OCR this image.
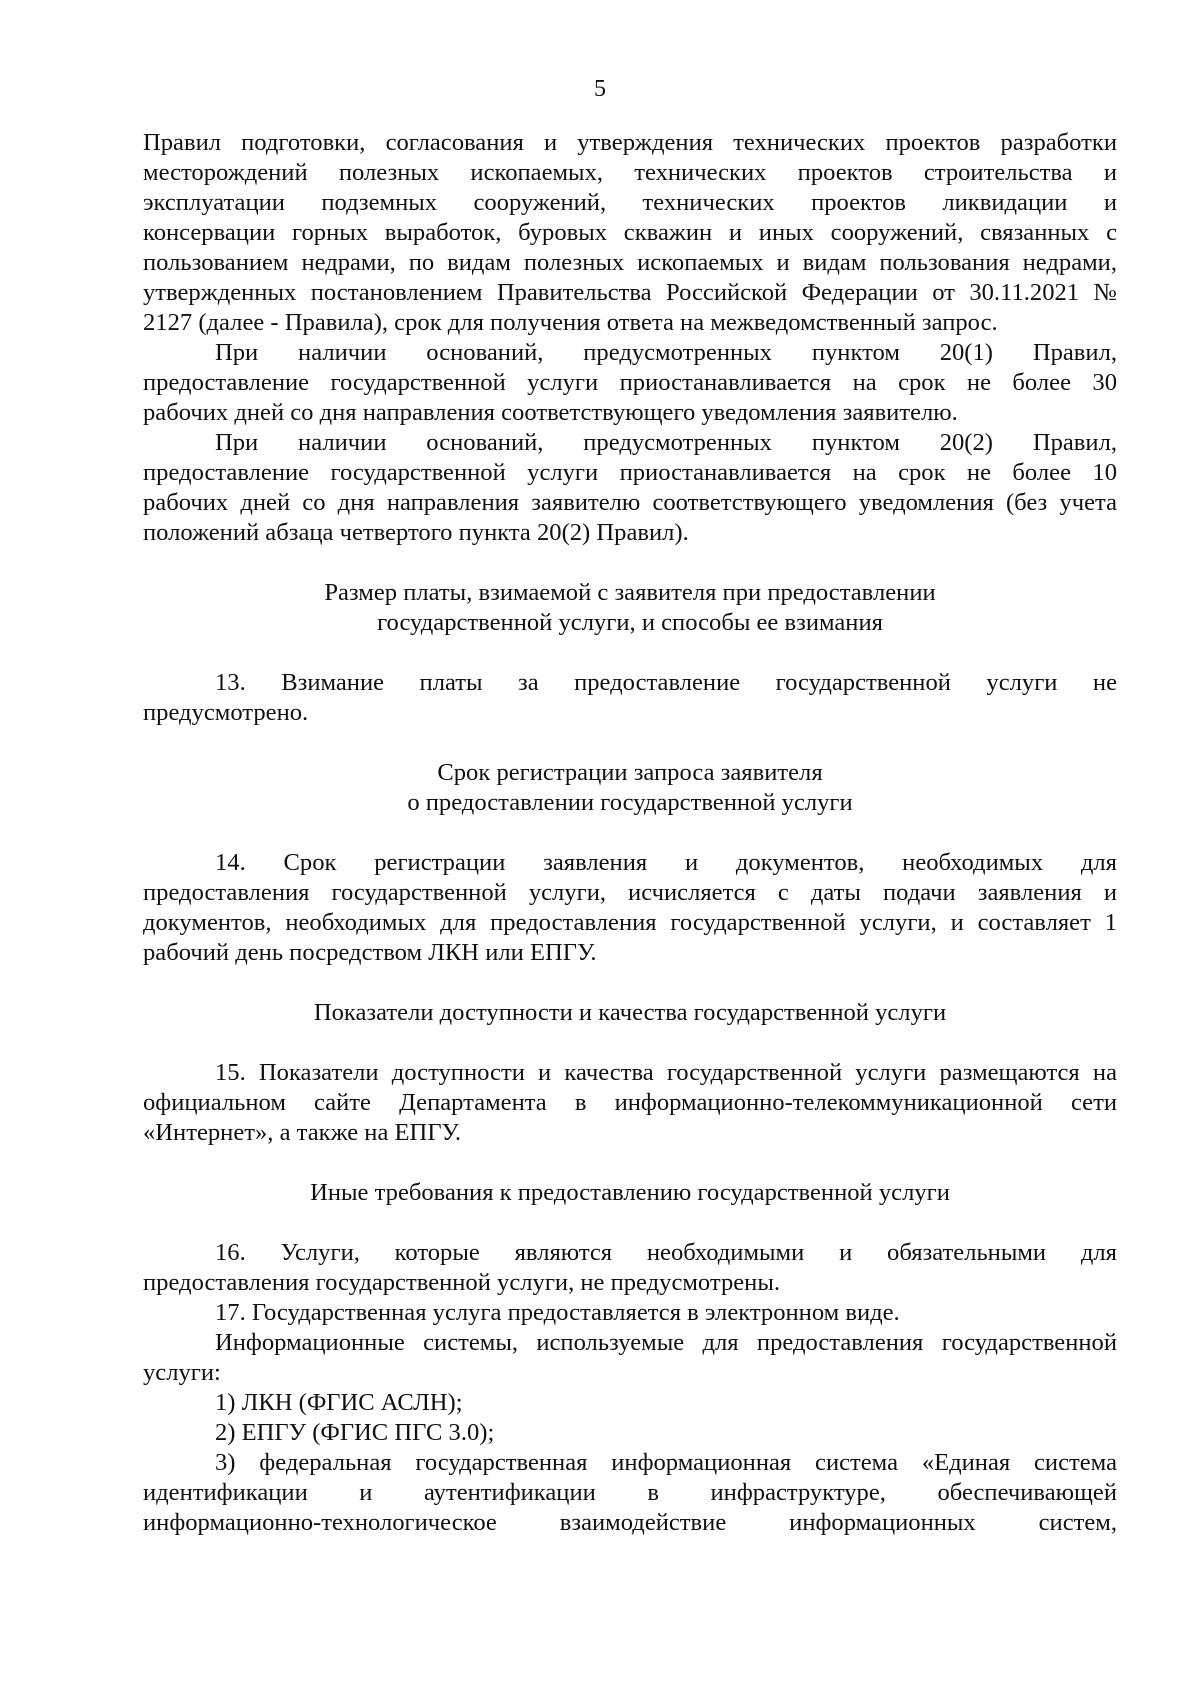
5
Правил подготовки, согласования и утверждения технических проектов разработки
месторождений полезных ископаемых, технических проектов строительства и
эксплуатации подземных сооружений, технических проектов ликвидации и
консервации горных выработок, буровых скважин и иных сооружений, связанных с
пользованием недрами, по видам полезных ископаемых и видам пользования недрами,
утвержденных постановлением Правительства Российской Федерации от 30.11.2021 №
2127 (далее - Правила), срок для получения ответа на межведомственный запрос.
При наличии оснований, предусмотренных пунктом 20(1) Правил,
предоставление государственной услуги приостанавливается на срок не более 30
рабочих дней со дня направления соответствующего уведомления заявителю.
При наличии оснований, предусмотренных пунктом 20(2) Правил,
предоставление государственной услуги приостанавливается на срок не более 10
рабочих дней со дня направления заявителю соответствующего уведомления (без учета
положений абзаца четвертого пункта 20(2) Правил).
Размер платы, взимаемой с заявителя при предоставлении
государственной услуги, и способы ее взимания
13. Взимание платы за предоставление государственной услуги не
предусмотрено.
Срок регистрации запроса заявителя
о предоставлении государственной услуги
14. Срок регистрации заявления и документов, необходимых для
предоставления государственной услуги, исчисляется с даты подачи заявления и
документов, необходимых для предоставления государственной услуги, и составляет 1
рабочий день посредством ЛКН или ЕПГУ.
Показатели доступности и качества государственной услуги
15. Показатели доступности и качества государственной услуги размещаются на
официальном сайте Департамента в информационно-телекоммуникационной сети
«Интернет», а также на ЕПГУ.
Иные требования к предоставлению государственной услуги
16. Услуги, которые являются необходимыми и обязательными для
предоставления государственной услуги, не предусмотрены.
17. Государственная услуга предоставляется в электронном виде.
Информационные системы, используемые для предоставления государственной
услуги:
1) ЛКН (ФГИС АСЛН);
2) ЕПГУ (ФГИС ПГС 3.0);
3) федеральная государственная информационная система «Единая система
идентификации и аутентификации в инфраструктуре, обеспечивающей
информационно-технологическое взаимодействие информационных систем,
